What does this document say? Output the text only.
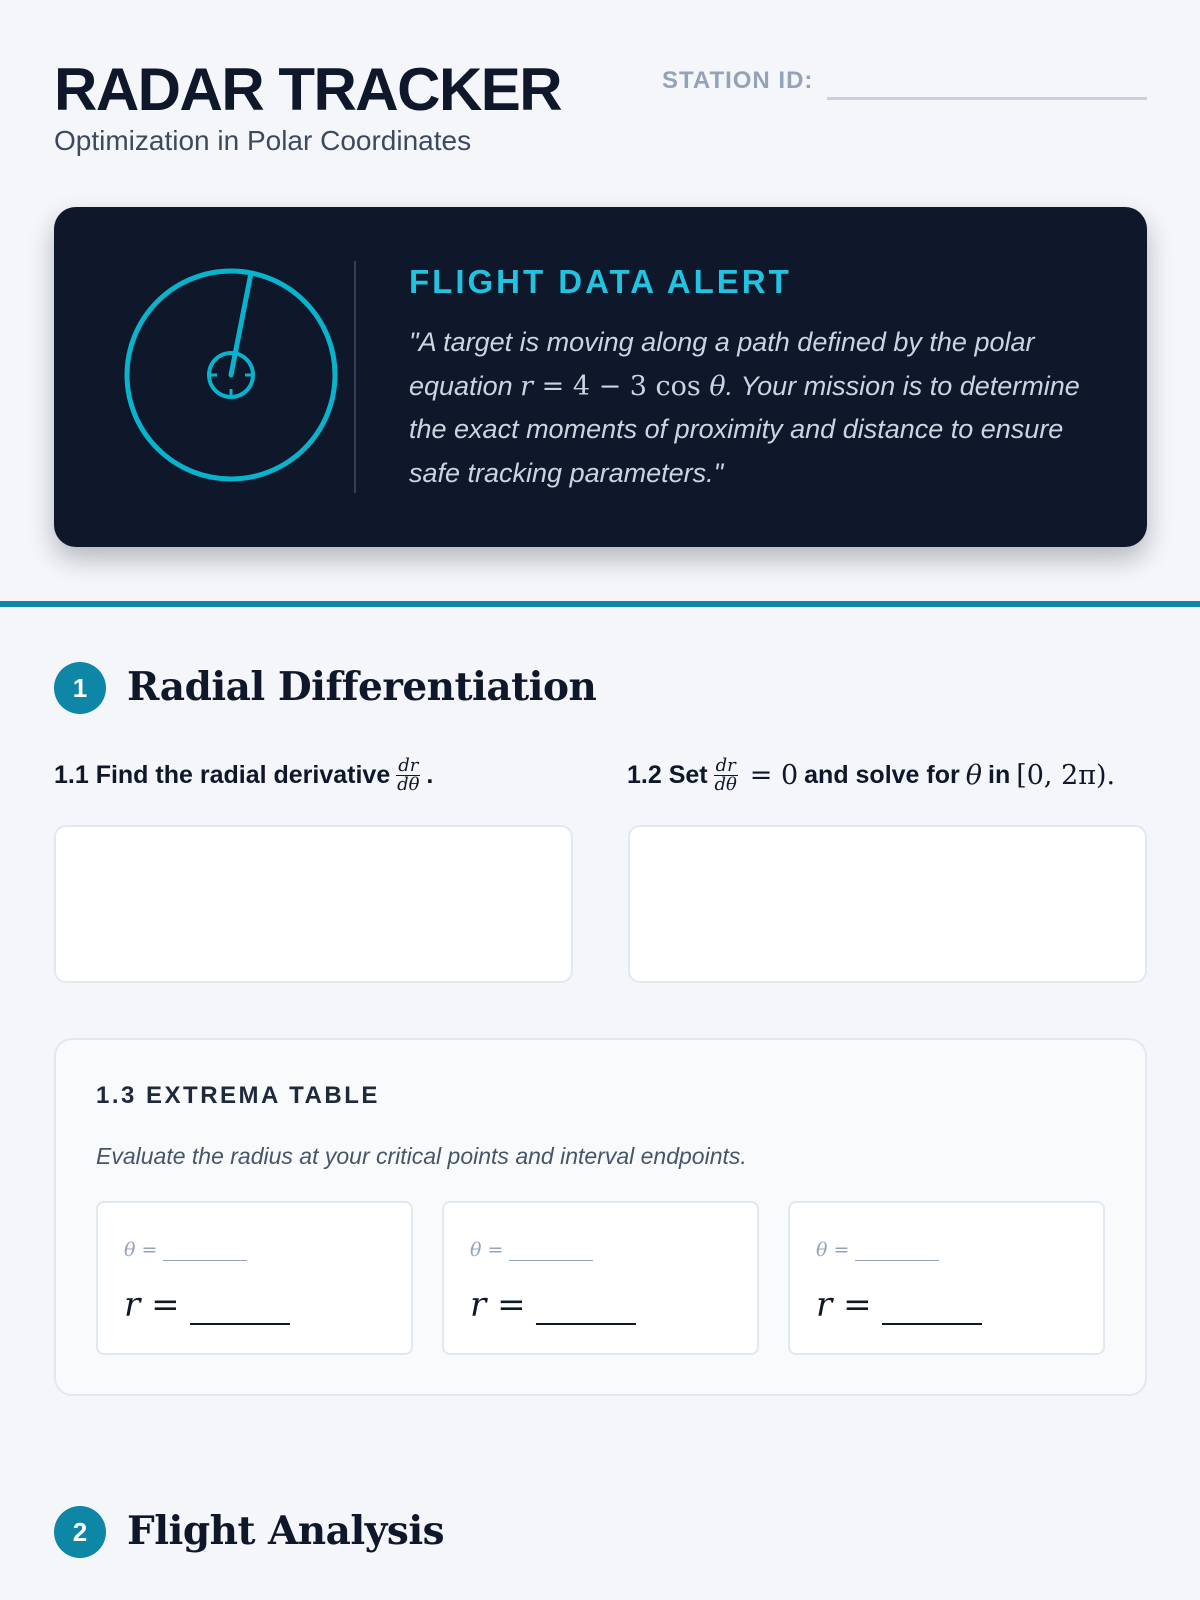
RADAR TRACKER
Optimization in Polar Coordinates
STATION ID:
FLIGHT DATA ALERT
"A target is moving along a path defined by the polar equation r = 4 − 3 cos θ. Your mission is to determine the exact moments of proximity and distance to ensure safe tracking parameters."
1	Radial Differentiation
1.1 Find the radial derivative $\frac{dr}{d\theta}$ .	1.2 Set $\frac{dr}{d\theta} = 0$ and solve for θ in [0, 2π).
1.3 EXTREMA TABLE
Evaluate the radius at your critical points and interval endpoints.
θ
=
r
=
θ
=
r
=
θ
=
r
=
2	Flight Analysis
